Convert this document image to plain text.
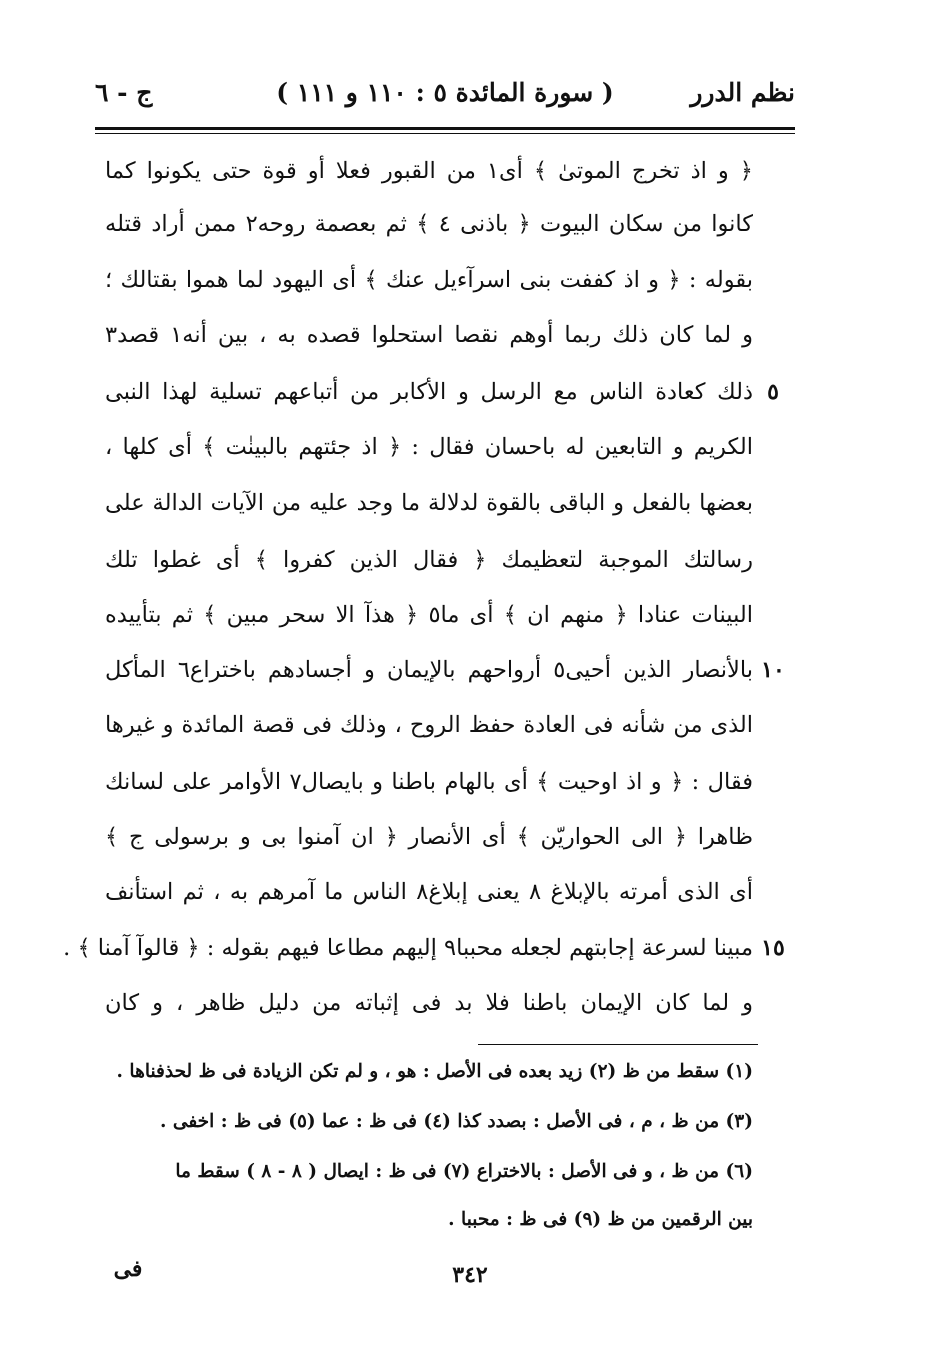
نظم الدرر
( سورة المائدة ٥ : ١١٠ و ١١١ )
ج - ٦
﴿ و اذ تخرج الموتىٰ ﴾ أى١ من القبور فعلا أو قوة حتى يكونوا كما
كانوا من سكان البيوت ﴿ باذنى ٤ ﴾ ثم بعصمة روحه٢ ممن أراد قتله
بقوله : ﴿ و اذ كففت بنى اسرآءيل عنك ﴾ أى اليهود لما هموا بقتالك ؛
و لما كان ذلك ربما أوهم نقصا استحلوا قصده به ، بين أنه١ قصد٣
٥
ذلك كعادة الناس مع الرسل و الأكابر من أتباعهم تسلية لهذا النبى
الكريم و التابعين له باحسان فقال : ﴿ اذ جئتهم بالبينٰت ﴾ أى كلها ،
بعضها بالفعل و الباقى بالقوة لدلالة ما وجد عليه من الآيات الدالة على
رسالتك الموجبة لتعظيمك ﴿ فقال الذين كفروا ﴾ أى غطوا تلك
البينات عنادا ﴿ منهم ان ﴾ أى ما٥ ﴿ هذآ الا سحر مبين ﴾ ثم بتأييده
١٠
بالأنصار الذين أحيى٥ أرواحهم بالإيمان و أجسادهم باختراع٦ المأكل
الذى من شأنه فى العادة حفظ الروح ، وذلك فى قصة المائدة و غيرها
فقال : ﴿ و اذ اوحيت ﴾ أى بالهام باطنا و بايصال٧ الأوامر على لسانك
ظاهرا ﴿ الى الحواريّن ﴾ أى الأنصار ﴿ ان آمنوا بى و برسولى ج ﴾
أى الذى أمرته بالإبلاغ ٨ يعنى إبلاغ٨ الناس ما آمرهم به ، ثم استأنف
١٥
مبينا لسرعة إجابتهم لجعله محببا٩ إليهم مطاعا فيهم بقوله : ﴿ قالوآ آمنا ﴾ .
و لما كان الإيمان باطنا فلا بد فى إثباته من دليل ظاهر ، و كان
(١) سقط من ظ (٢) زيد بعده فى الأصل : هو ، و لم تكن الزيادة فى ظ لحذفناها .
(٣) من ظ ، م ، فى الأصل : بصدد كذا (٤) فى ظ : عما (٥) فى ظ : اخفى .
(٦) من ظ ، و فى الأصل : بالاختراع (٧) فى ظ : ايصال ( ٨ - ٨ ) سقط ما
بين الرقمين من ظ (٩) فى ظ : محببا .
٣٤٢
فى
